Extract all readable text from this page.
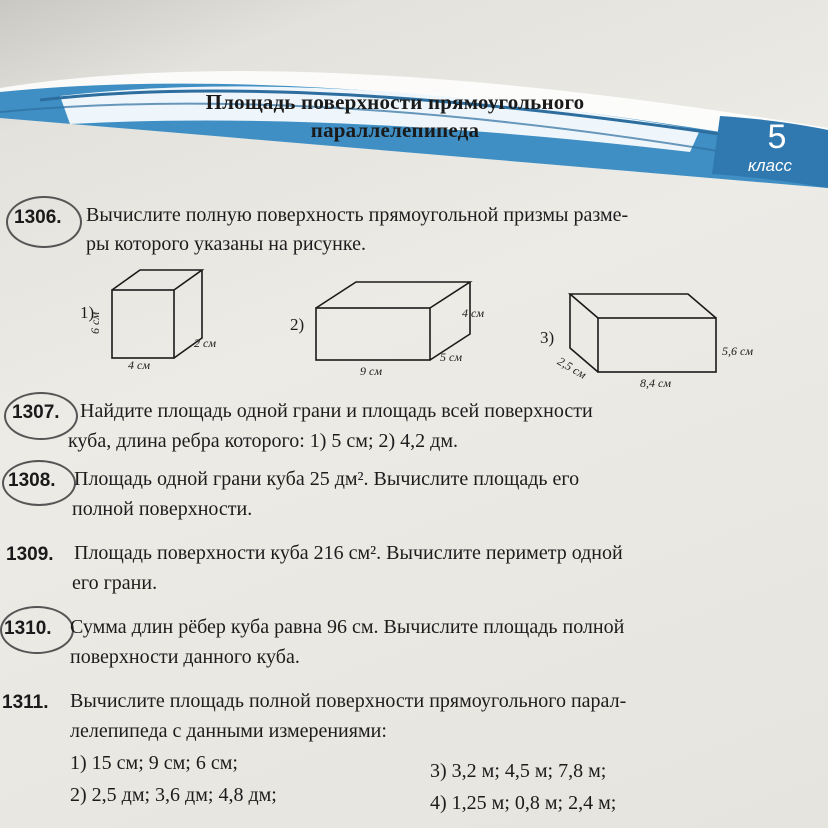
Площадь поверхности прямоугольного
параллелепипеда	5
класс
1306. Вычислите полную поверхность прямоугольной призмы разме-
ры которого указаны на рисунке.
1)
6 см
2 см
4 см
2)
4 см
5 см
9 см
3)
5,6 см
2,5 см
8,4 см
1307. Найдите площадь одной грани и площадь всей поверхности
куба, длина ребра которого: 1) 5 см; 2) 4,2 дм.
1308. Площадь одной грани куба 25 дм². Вычислите площадь его
полной поверхности.
1309. Площадь поверхности куба 216 см². Вычислите периметр одной
его грани.
1310. Сумма длин рёбер куба равна 96 см. Вычислите площадь полной
поверхности данного куба.
1311. Вычислите площадь полной поверхности прямоугольного парал-
лелепипеда с данными измерениями:
1) 15 см; 9 см; 6 см;
2) 2,5 дм; 3,6 дм; 4,8 дм;
3) 3,2 м; 4,5 м; 7,8 м;
4) 1,25 м; 0,8 м; 2,4 м;
